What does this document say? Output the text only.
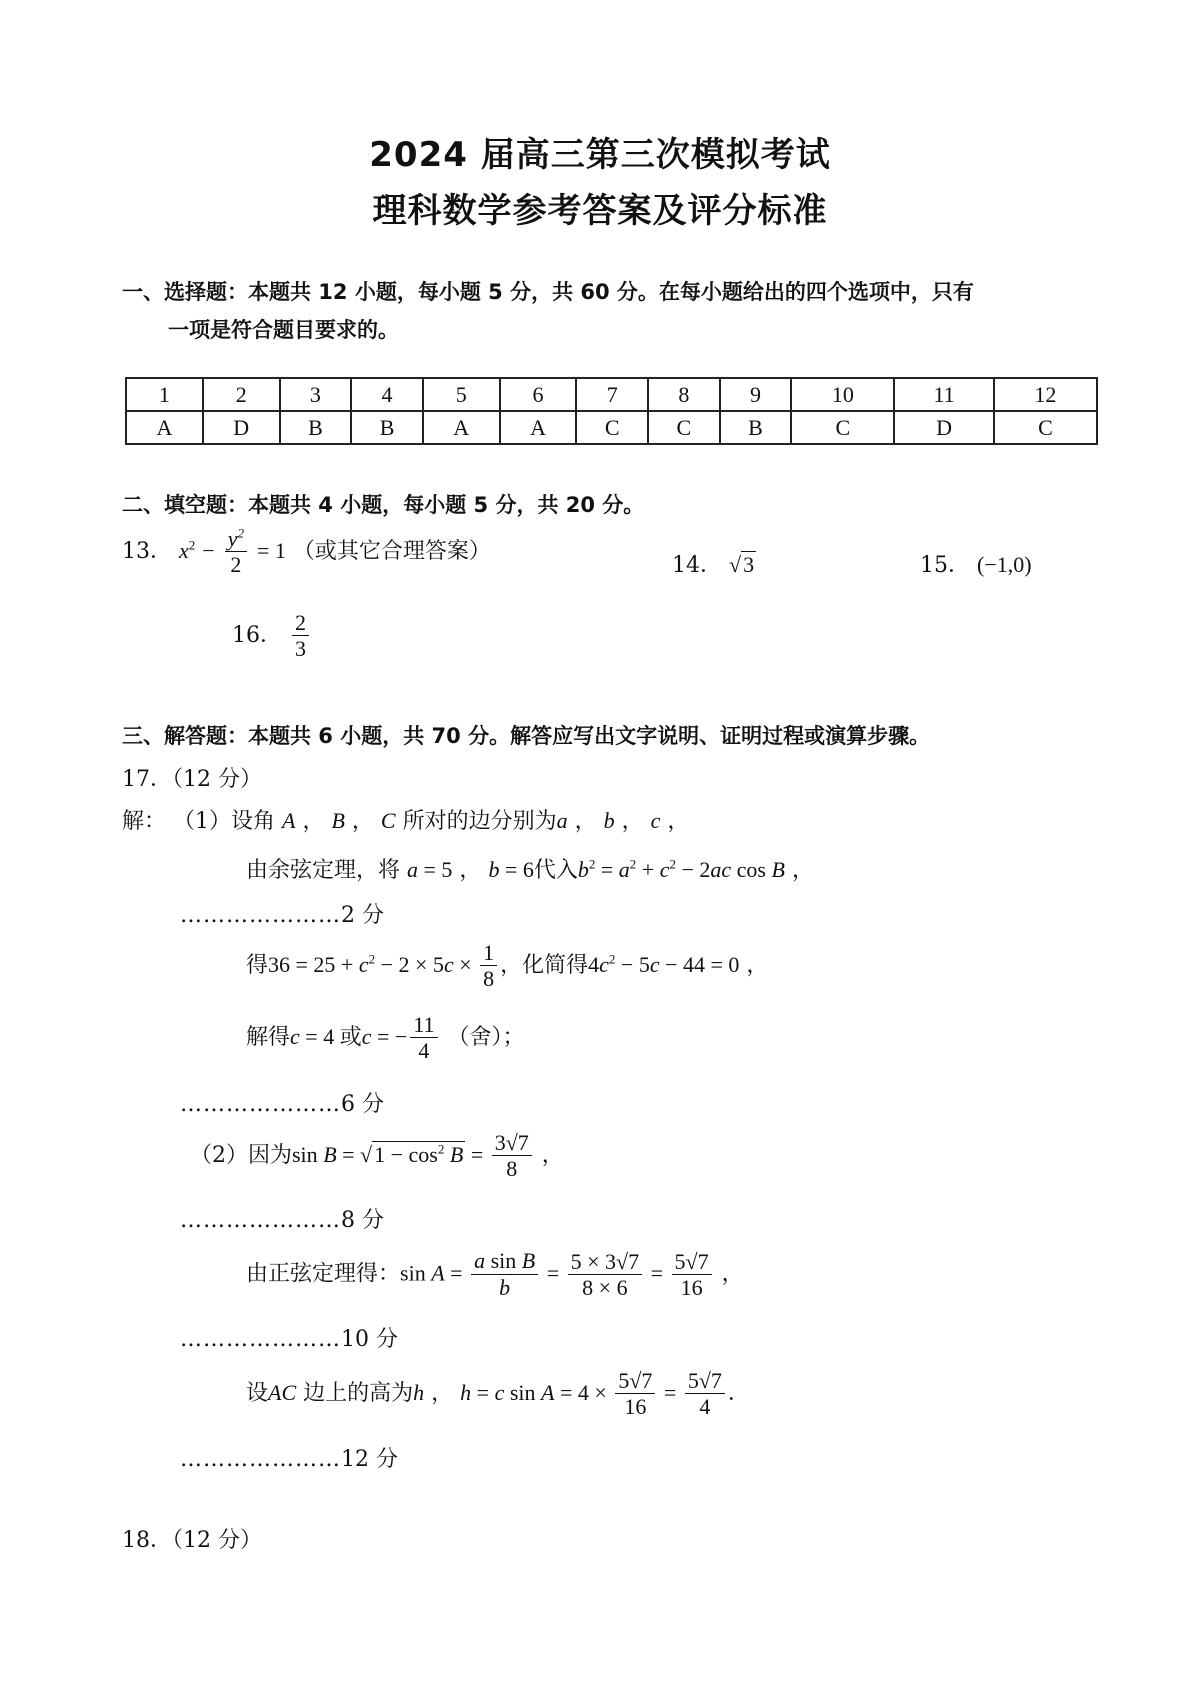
2024 届高三第三次模拟考试
理科数学参考答案及评分标准
一、选择题：本题共 12 小题，每小题 5 分，共 60 分。在每小题给出的四个选项中，只有
一项是符合题目要求的。
1	2	3	4	5	6	7	8	9	10	11	12
A	D	B	B	A	A	C	C	B	C	D	C
二、填空题：本题共 4 小题，每小题 5 分，共 20 分。
13． $x^2 - \frac{y^2}{2} = 1$ （或其它合理答案）
14． √3	15． (−1,0)
16． $\frac{2}{3}$
三、解答题：本题共 6 小题，共 70 分。解答应写出文字说明、证明过程或演算步骤。
17．（12 分）
解： （1）设角 A ， B ， C 所对的边分别为a ， b ， c ，
由余弦定理，将 a = 5 ， b = 6代入$b^2 = a^2 + c^2 - 2ac$ cos B ，
…………………2 分
得$36 = 25 + c^2 - 2 \times 5c \times \frac{1}{8}$ ，化简得$4c^2 - 5c - 44 = 0$ ，
解得c = 4 或c = − $\frac{11}{4}$ （舍）；
…………………6 分
（2）因为$\sin B = √1 - \cos^2 B = \frac{3√7}{8}$ ，
…………………8 分
由正弦定理得：$\sin A = \frac{\text{a sin B}}{b} = \frac{5 \times 3√7}{8 \times 6} = \frac{5√7}{16}$ ，
…………………10 分
设AC 边上的高为h ， h = c $\sin A = 4 \times \frac{5√7}{16} = \frac{5√7}{4}$ ．
…………………12 分
18．（12 分）
